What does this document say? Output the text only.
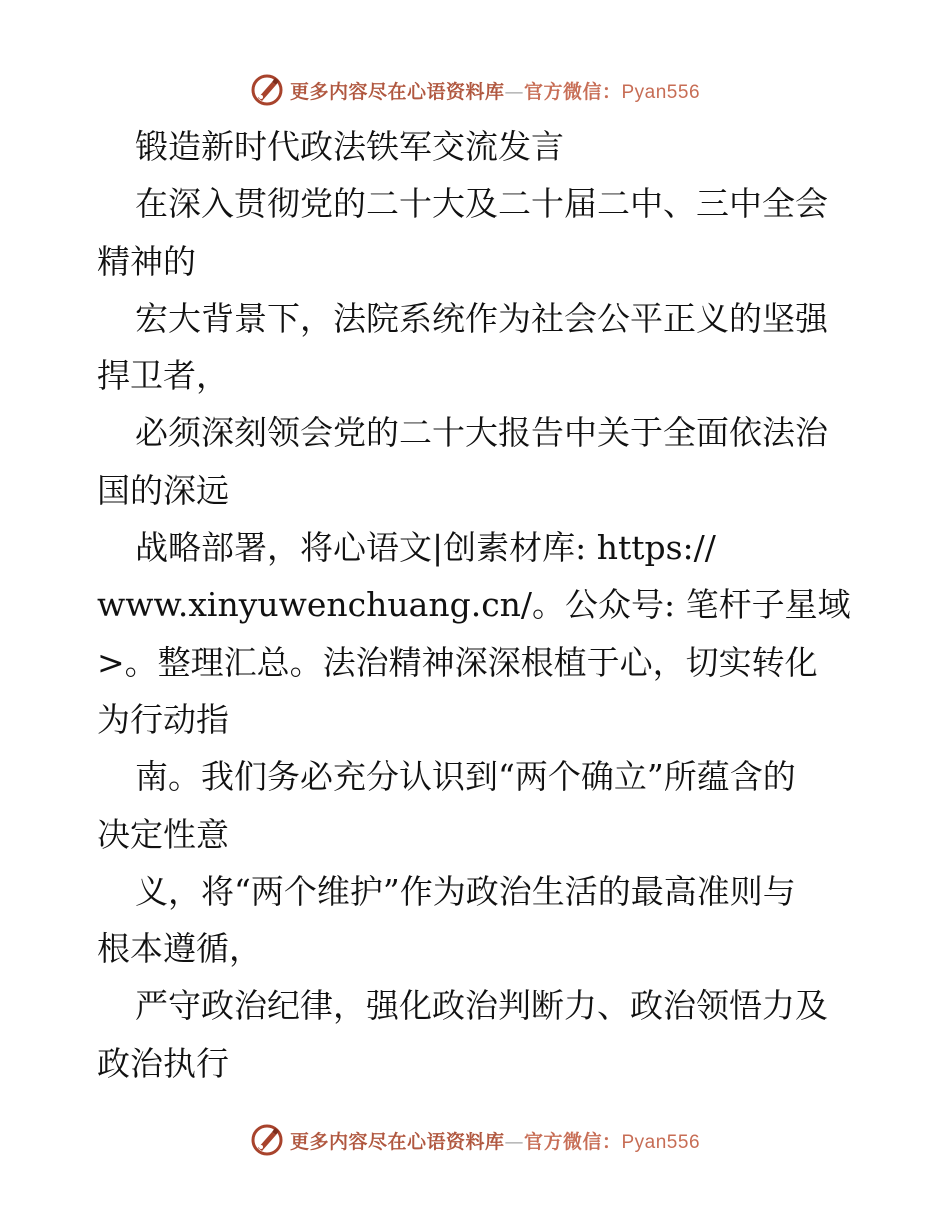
更多内容尽在心语资料库—官方微信：Pyan556
锻造新时代政法铁军交流发言
在深入贯彻党的二十大及二十届二中、三中全会
精神的
宏大背景下，法院系统作为社会公平正义的坚强
捍卫者，
必须深刻领会党的二十大报告中关于全面依法治
国的深远
战略部署，将心语文|创素材库: https://
www.xinyuwenchuang.cn/。公众号: 笔杆子星域
>。整理汇总。法治精神深深根植于心，切实转化
为行动指
南。我们务必充分认识到“两个确立”所蕴含的
决定性意
义，将“两个维护”作为政治生活的最高准则与
根本遵循，
严守政治纪律，强化政治判断力、政治领悟力及
政治执行
更多内容尽在心语资料库—官方微信：Pyan556
